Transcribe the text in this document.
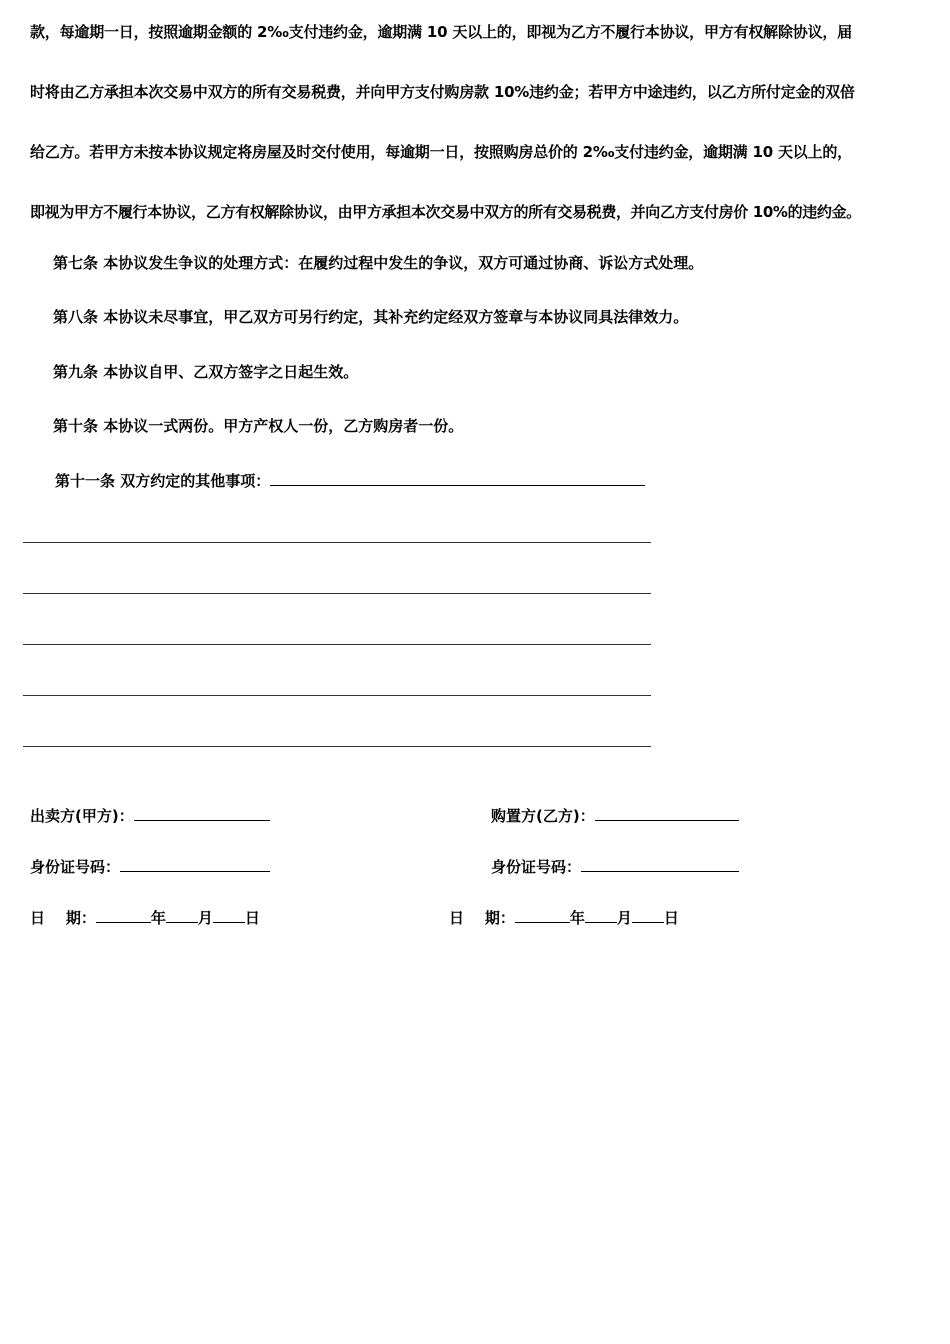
款，每逾期一日，按照逾期金额的 2‰支付违约金，逾期满 10 天以上的，即视为乙方不履行本协议，甲方有权解除协议，届
时将由乙方承担本次交易中双方的所有交易税费，并向甲方支付购房款 10%违约金；若甲方中途违约，以乙方所付定金的双倍
给乙方。若甲方未按本协议规定将房屋及时交付使用，每逾期一日，按照购房总价的 2‰支付违约金，逾期满 10 天以上的，
即视为甲方不履行本协议，乙方有权解除协议，由甲方承担本次交易中双方的所有交易税费，并向乙方支付房价 10%的违约金。
第七条 本协议发生争议的处理方式：在履约过程中发生的争议，双方可通过协商、诉讼方式处理。
第八条 本协议未尽事宜，甲乙双方可另行约定，其补充约定经双方签章与本协议同具法律效力。
第九条 本协议自甲、乙双方签字之日起生效。
第十条 本协议一式两份。甲方产权人一份，乙方购房者一份。
第十一条 双方约定的其他事项：
出卖方(甲方)：
身份证号码：
日    期：	年 月 日
购置方(乙方)：
身份证号码：
日    期：	年 月 日
